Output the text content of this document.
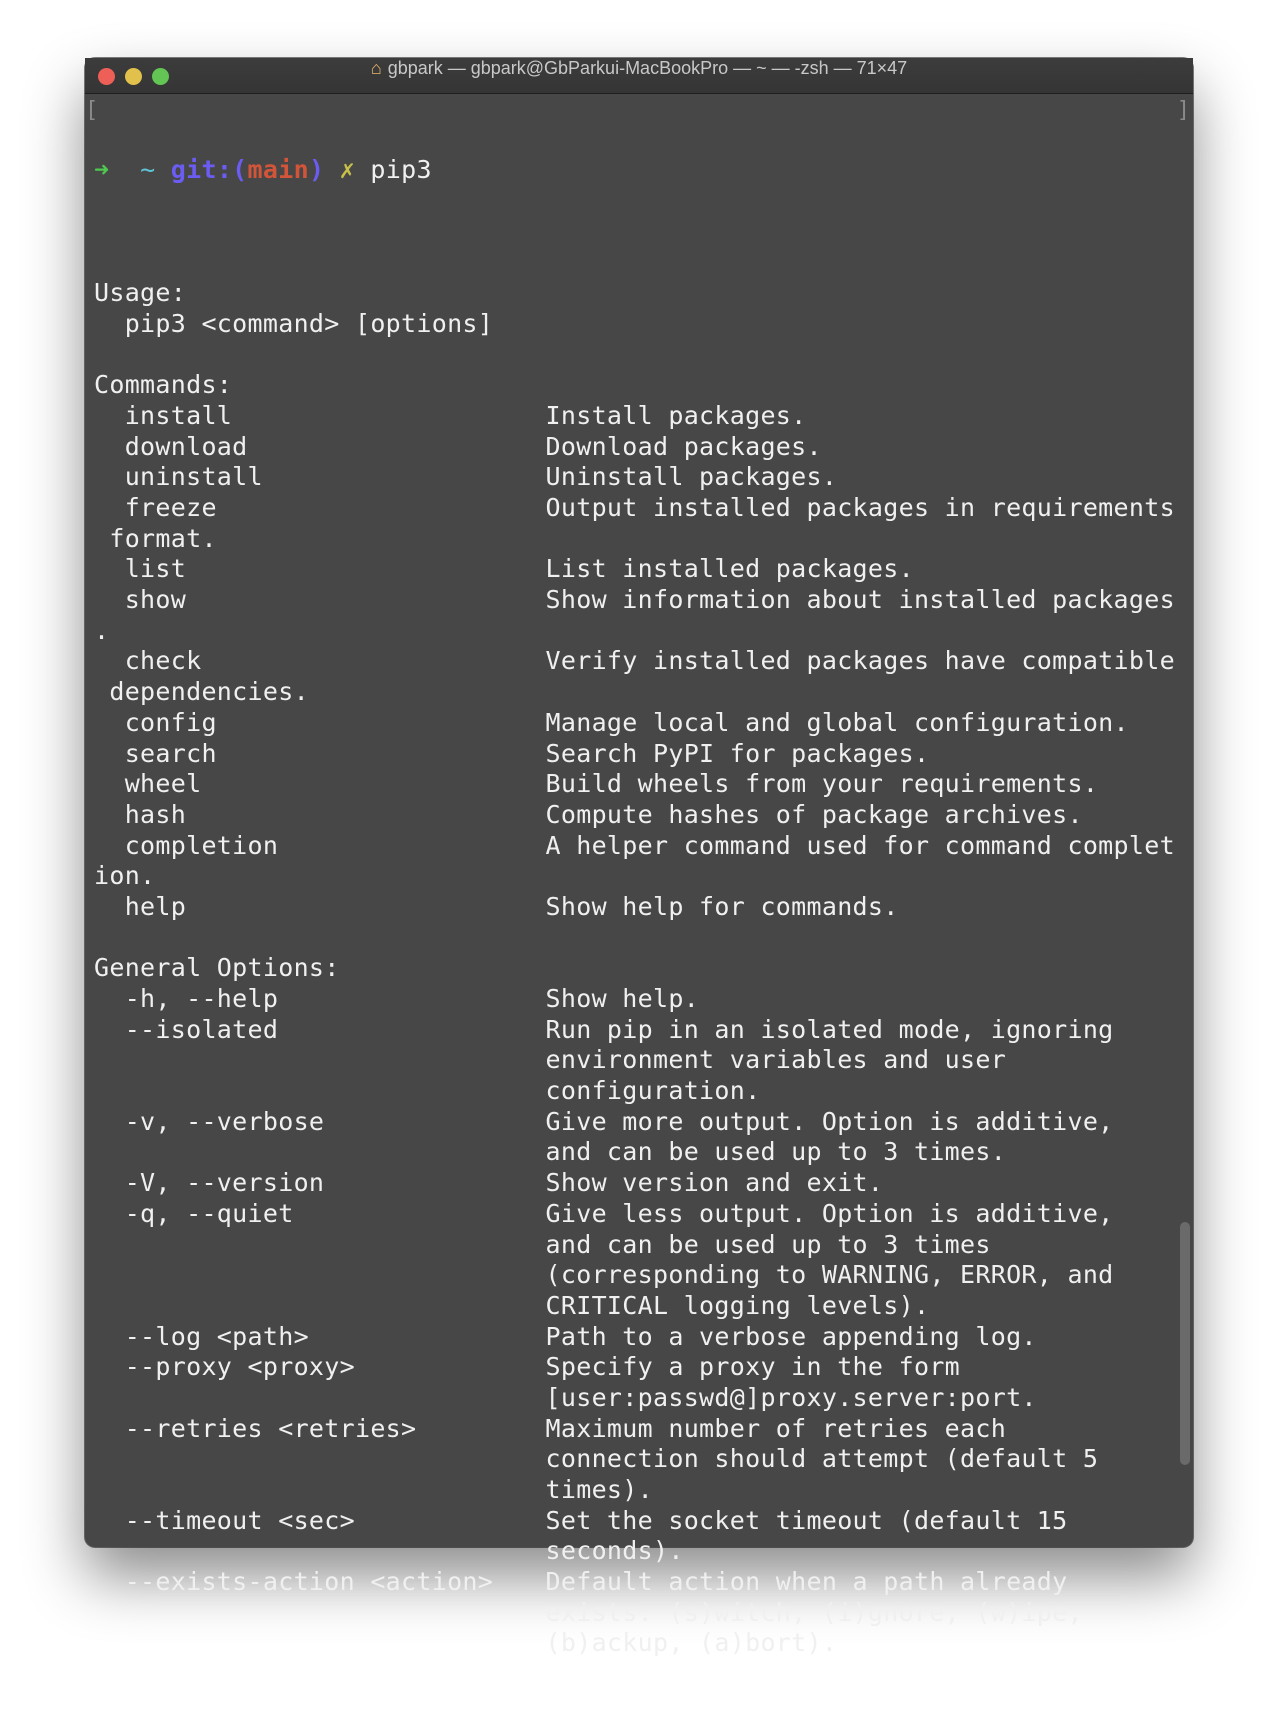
⌂ gbpark — gbpark@GbParkui-MacBookPro — ~ — -zsh — 71×47
[	]

➜ ~ git:(main) ✗ pip3

Usage:
pip3 <command> [options]
Commands:
install	Install packages.
download	Download packages.
uninstall	Uninstall packages.
freeze	Output installed packages in requirements
format.
list	List installed packages.
show	Show information about installed packages
.
check	Verify installed packages have compatible
dependencies.
config	Manage local and global configuration.
search	Search PyPI for packages.
wheel	Build wheels from your requirements.
hash	Compute hashes of package archives.
completion	A helper command used for command complet
ion.
help	Show help for commands.
General Options:
-h, --help	Show help.
--isolated	Run pip in an isolated mode, ignoring
environment variables and user
configuration.
-v, --verbose	Give more output. Option is additive,
and can be used up to 3 times.
-V, --version	Show version and exit.
-q, --quiet	Give less output. Option is additive,
and can be used up to 3 times
(corresponding to WARNING, ERROR, and
CRITICAL logging levels).
--log <path>	Path to a verbose appending log.
--proxy <proxy>	Specify a proxy in the form
[user:passwd@]proxy.server:port.
--retries <retries>	Maximum number of retries each
connection should attempt (default 5
times).
--timeout <sec>	Set the socket timeout (default 15
seconds).
--exists-action <action> Default action when a path already
exists: (s)witch, (i)gnore, (w)ipe,
(b)ackup, (a)bort).
